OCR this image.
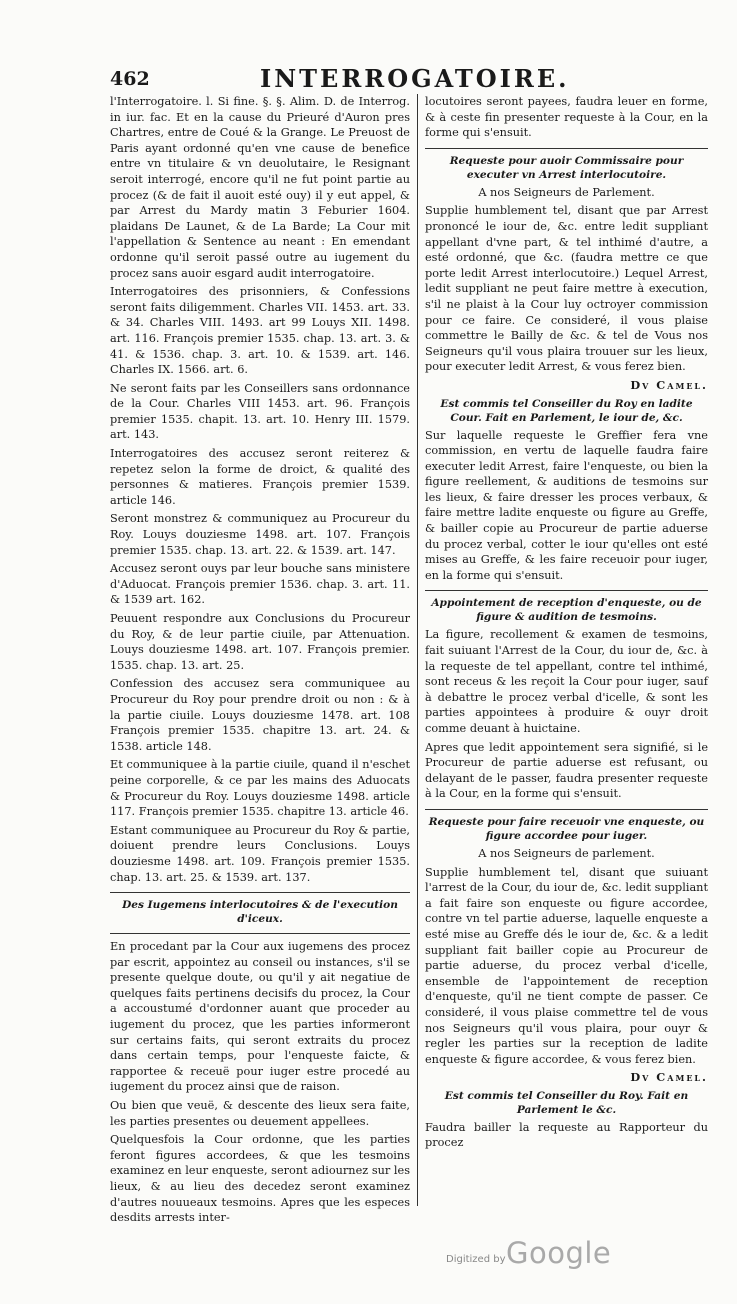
462	INTERROGATOIRE.

l'Interrogatoire. l. Si fine. §. §. Alim. D. de Interrog. in iur. fac. Et en la cause du Prieuré d'Auron pres Chartres, entre de Coué & la Grange. Le Preuost de Paris ayant ordonné qu'en vne cause de benefice entre vn titulaire & vn deuolutaire, le Resignant seroit interrogé, encore qu'il ne fut point partie au procez (& de fait il auoit esté ouy) il y eut appel, & par Arrest du Mardy matin 3 Feburier 1604. plaidans De Launet, & de La Barde; La Cour mit l'appellation & Sentence au neant : En emendant ordonne qu'il seroit passé outre au iugement du procez sans auoir esgard audit interrogatoire.

Interrogatoires des prisonniers, & Confessions seront faits diligemment. Charles VII. 1453. art. 33. & 34. Charles VIII. 1493. art 99 Louys XII. 1498. art. 116. François premier 1535. chap. 13. art. 3. & 41. & 1536. chap. 3. art. 10. & 1539. art. 146. Charles IX. 1566. art. 6.

Ne seront faits par les Conseillers sans ordonnance de la Cour. Charles VIII 1453. art. 96. François premier 1535. chapit. 13. art. 10. Henry III. 1579. art. 143.

Interrogatoires des accusez seront reiterez & repetez selon la forme de droict, & qualité des personnes & matieres. François premier 1539. article 146.

Seront monstrez & communiquez au Procureur du Roy. Louys douziesme 1498. art. 107. François premier 1535. chap. 13. art. 22. & 1539. art. 147.

Accusez seront ouys par leur bouche sans ministere d'Aduocat. François premier 1536. chap. 3. art. 11. & 1539 art. 162.

Peuuent respondre aux Conclusions du Procureur du Roy, & de leur partie ciuile, par Attenuation. Louys douziesme 1498. art. 107. François premier. 1535. chap. 13. art. 25.

Confession des accusez sera communiquee au Procureur du Roy pour prendre droit ou non : & à la partie ciuile. Louys douziesme 1478. art. 108 François premier 1535. chapitre 13. art. 24. & 1538. article 148.

Et communiquee à la partie ciuile, quand il n'eschet peine corporelle, & ce par les mains des Aduocats & Procureur du Roy. Louys douziesme 1498. article 117. François premier 1535. chapitre 13. article 46.

Estant communiquee au Procureur du Roy & partie, doiuent prendre leurs Conclusions. Louys douziesme 1498. art. 109. François premier 1535. chap. 13. art. 25. & 1539. art. 137.

Des Iugemens interlocutoires & de l'execution d'iceux.

En procedant par la Cour aux iugemens des procez par escrit, appointez au conseil ou instances, s'il se presente quelque doute, ou qu'il y ait negatiue de quelques faits pertinens decisifs du procez, la Cour a accoustumé d'ordonner auant que proceder au iugement du procez, que les parties informeront sur certains faits, qui seront extraits du procez dans certain temps, pour l'enqueste faicte, & rapportee & receuë pour iuger estre procedé au iugement du procez ainsi que de raison.

Ou bien que veuë, & descente des lieux sera faite, les parties presentes ou deuement appellees.

Quelquesfois la Cour ordonne, que les parties feront figures accordees, & que les tesmoins examinez en leur enqueste, seront adiournez sur les lieux, & au lieu des decedez seront examinez d'autres nouueaux tesmoins. Apres que les especes desdits arrests inter-

locutoires seront payees, faudra leuer en forme, & à ceste fin presenter requeste à la Cour, en la forme qui s'ensuit.

Requeste pour auoir Commissaire pour executer vn Arrest interlocutoire.

A nos Seigneurs de Parlement.

Supplie humblement tel, disant que par Arrest prononcé le iour de, &c. entre ledit suppliant appellant d'vne part, & tel inthimé d'autre, a esté ordonné, que &c. (faudra mettre ce que porte ledit Arrest interlocutoire.) Lequel Arrest, ledit suppliant ne peut faire mettre à execution, s'il ne plaist à la Cour luy octroyer commission pour ce faire. Ce consideré, il vous plaise commettre le Bailly de &c. & tel de Vous nos Seigneurs qu'il vous plaira trouuer sur les lieux, pour executer ledit Arrest, & vous ferez bien.

Dv Camel.

Est commis tel Conseiller du Roy en ladite Cour. Fait en Parlement, le iour de, &c.

Sur laquelle requeste le Greffier fera vne commission, en vertu de laquelle faudra faire executer ledit Arrest, faire l'enqueste, ou bien la figure reellement, & auditions de tesmoins sur les lieux, & faire dresser les proces verbaux, & faire mettre ladite enqueste ou figure au Greffe, & bailler copie au Procureur de partie aduerse du procez verbal, cotter le iour qu'elles ont esté mises au Greffe, & les faire receuoir pour iuger, en la forme qui s'ensuit.

Appointement de reception d'enqueste, ou de figure & audition de tesmoins.

La figure, recollement & examen de tesmoins, fait suiuant l'Arrest de la Cour, du iour de, &c. à la requeste de tel appellant, contre tel inthimé, sont receus & les reçoit la Cour pour iuger, sauf à debattre le procez verbal d'icelle, & sont les parties appointees à produire & ouyr droit comme deuant à huictaine.

Apres que ledit appointement sera signifié, si le Procureur de partie aduerse est refusant, ou delayant de le passer, faudra presenter requeste à la Cour, en la forme qui s'ensuit.

Requeste pour faire receuoir vne enqueste, ou figure accordee pour iuger.

A nos Seigneurs de parlement.

Supplie humblement tel, disant que suiuant l'arrest de la Cour, du iour de, &c. ledit suppliant a fait faire son enqueste ou figure accordee, contre vn tel partie aduerse, laquelle enqueste a esté mise au Greffe dés le iour de, &c. & a ledit suppliant fait bailler copie au Procureur de partie aduerse, du procez verbal d'icelle, ensemble de l'appointement de reception d'enqueste, qu'il ne tient compte de passer. Ce consideré, il vous plaise commettre tel de vous nos Seigneurs qu'il vous plaira, pour ouyr & regler les parties sur la reception de ladite enqueste & figure accordee, & vous ferez bien.

Dv Camel.

Est commis tel Conseiller du Roy. Fait en Parlement le &c.

Faudra bailler la requeste au Rapporteur du procez

Digitized by Google
